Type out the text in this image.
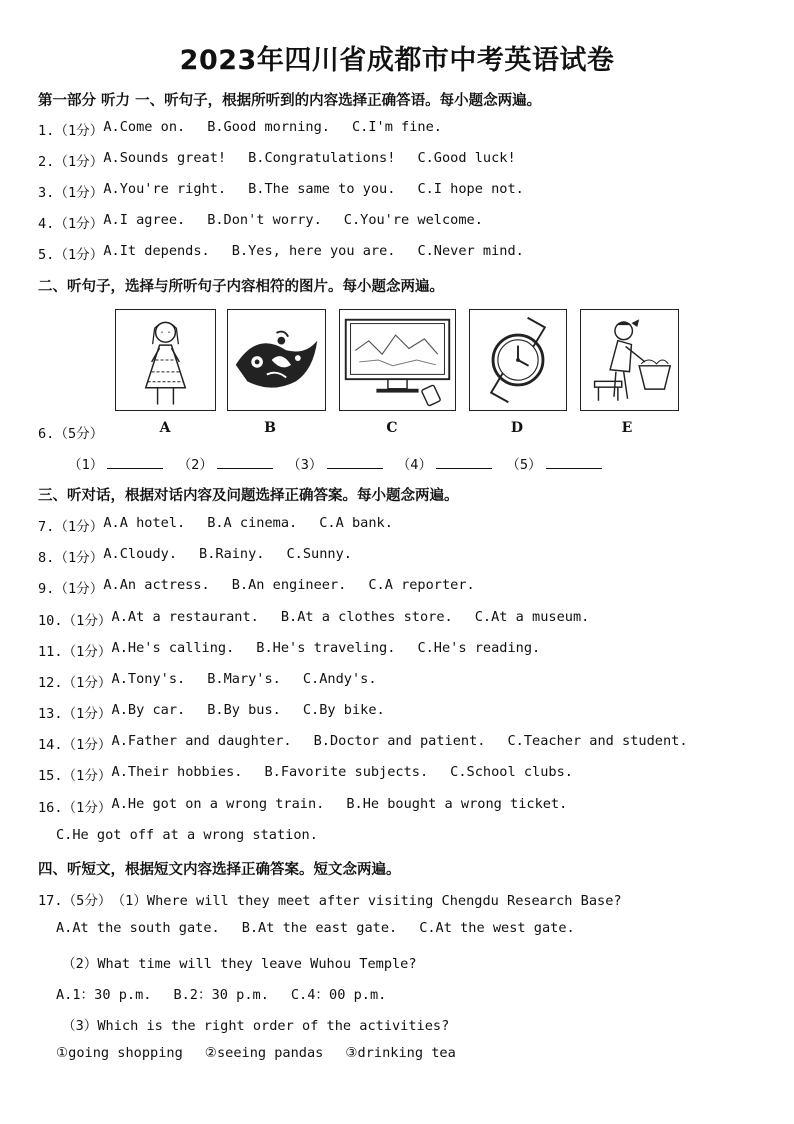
2023年四川省成都市中考英语试卷
第一部分 听力 一、听句子，根据所听到的内容选择正确答语。每小题念两遍。
1.（1分） A.Come on. B.Good morning. C.I'm fine.
2.（1分） A.Sounds great! B.Congratulations! C.Good luck!
3.（1分） A.You're right. B.The same to you. C.I hope not.
4.（1分） A.I agree. B.Don't worry. C.You're welcome.
5.（1分） A.It depends. B.Yes, here you are. C.Never mind.
二、听句子，选择与所听句子内容相符的图片。每小题念两遍。
6.（5分）	A	B	C	D	E
（1）	（2）	（3）	（4）	（5）
三、听对话，根据对话内容及问题选择正确答案。每小题念两遍。
7.（1分） A.A hotel. B.A cinema. C.A bank.
8.（1分） A.Cloudy. B.Rainy. C.Sunny.
9.（1分） A.An actress. B.An engineer. C.A reporter.
10.（1分） A.At a restaurant. B.At a clothes store. C.At a museum.
11.（1分） A.He's calling. B.He's traveling. C.He's reading.
12.（1分） A.Tony's. B.Mary's. C.Andy's.
13.（1分） A.By car. B.By bus. C.By bike.
14.（1分） A.Father and daughter. B.Doctor and patient. C.Teacher and student.
15.（1分） A.Their hobbies. B.Favorite subjects. C.School clubs.
16.（1分） A.He got on a wrong train. B.He bought a wrong ticket.
C.He got off at a wrong station.
四、听短文，根据短文内容选择正确答案。短文念两遍。
17.（5分） （1）Where will they meet after visiting Chengdu Research Base?
A.At the south gate. B.At the east gate. C.At the west gate.
（2）What time will they leave Wuhou Temple?
A.1：30 p.m. B.2：30 p.m. C.4：00 p.m.
（3）Which is the right order of the activities?
①going shopping ②seeing pandas ③drinking tea
